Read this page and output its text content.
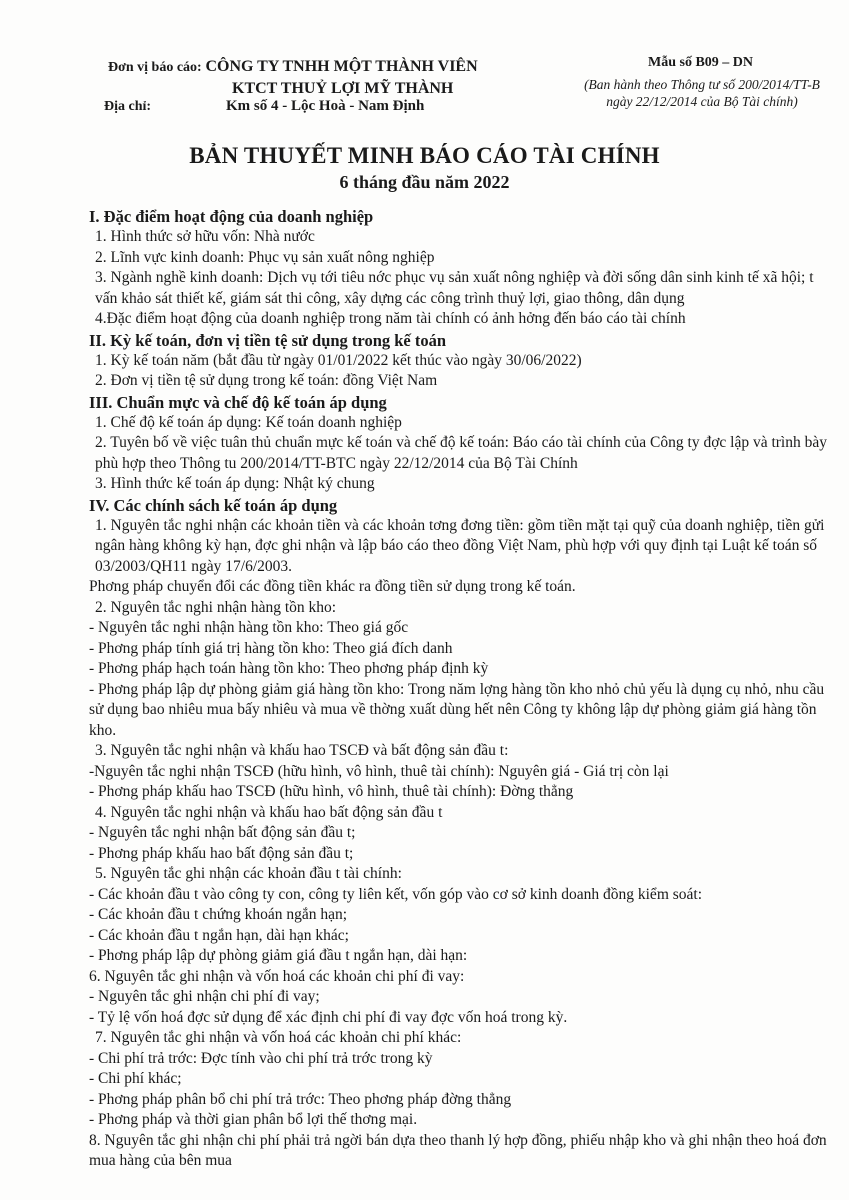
Đơn vị báo cáo: CÔNG TY TNHH MỘT THÀNH VIÊN
KTCT THUỶ LỢI MỸ THÀNH
Địa chỉ:	Km số 4 - Lộc Hoà - Nam Định
Mẫu số B09 – DN
(Ban hành theo Thông tư số 200/2014/TT-B
ngày 22/12/2014 của Bộ Tài chính)
BẢN THUYẾT MINH BÁO CÁO TÀI CHÍNH
6 tháng đầu năm 2022
I. Đặc điểm hoạt động của doanh nghiệp
1. Hình thức sở hữu vốn: Nhà nước
2. Lĩnh vực kinh doanh: Phục vụ sản xuất nông nghiệp

3. Ngành nghề kinh doanh: Dịch vụ tới tiêu nớc phục vụ sản xuất nông nghiệp và đời sống dân sinh kinh tế xã hội; t vấn khảo sát thiết kế, giám sát thi công, xây dựng các công trình thuỷ lợi, giao thông, dân dụng

4.Đặc điểm hoạt động của doanh nghiệp trong năm tài chính có ảnh hởng đến báo cáo tài chính
II. Kỳ kế toán, đơn vị tiền tệ sử dụng trong kế toán
1. Kỳ kế toán năm (bắt đầu từ ngày 01/01/2022 kết thúc vào ngày 30/06/2022)
2. Đơn vị tiền tệ sử dụng trong kế toán: đồng Việt Nam
III. Chuẩn mực và chế độ kế toán áp dụng
1. Chế độ kế toán áp dụng: Kế toán doanh nghiệp

2. Tuyên bố về việc tuân thủ chuẩn mực kế toán và chế độ kế toán: Báo cáo tài chính của Công ty đợc lập và trình bày phù hợp theo Thông tu 200/2014/TT-BTC ngày 22/12/2014 của Bộ Tài Chính

3. Hình thức kế toán áp dụng: Nhật ký chung
IV. Các chính sách kế toán áp dụng

1. Nguyên tắc nghi nhận các khoản tiền và các khoản tơng đơng tiền: gồm tiền mặt tại quỹ của doanh nghiệp, tiền gửi ngân hàng không kỳ hạn, đợc ghi nhận và lập báo cáo theo đồng Việt Nam, phù hợp với quy định tại Luật kế toán số 03/2003/QH11 ngày 17/6/2003.

Phơng pháp chuyển đổi các đồng tiền khác ra đồng tiền sử dụng trong kế toán.
2. Nguyên tắc nghi nhận hàng tồn kho:
- Nguyên tắc nghi nhận hàng tồn kho: Theo giá gốc
- Phơng pháp tính giá trị hàng tồn kho: Theo giá đích danh
- Phơng pháp hạch toán hàng tồn kho: Theo phơng pháp định kỳ

- Phơng pháp lập dự phòng giảm giá hàng tồn kho: Trong năm lợng hàng tồn kho nhỏ chủ yếu là dụng cụ nhỏ, nhu cầu sử dụng bao nhiêu mua bấy nhiêu và mua về thờng xuất dùng hết nên Công ty không lập dự phòng giảm giá hàng tồn kho.

3. Nguyên tắc nghi nhận và khấu hao TSCĐ và bất động sản đầu t:
-Nguyên tắc nghi nhận TSCĐ (hữu hình, vô hình, thuê tài chính): Nguyên giá - Giá trị còn lại
- Phơng pháp khấu hao TSCĐ (hữu hình, vô hình, thuê tài chính): Đờng thẳng
4. Nguyên tắc nghi nhận và khấu hao bất động sản đầu t
- Nguyên tắc nghi nhận bất động sản đầu t;
- Phơng pháp khấu hao bất động sản đầu t;
5. Nguyên tắc ghi nhận các khoản đầu t tài chính:
- Các khoản đầu t vào công ty con, công ty liên kết, vốn góp vào cơ sở kinh doanh đồng kiểm soát:
- Các khoản đầu t chứng khoán ngắn hạn;
- Các khoản đầu t ngắn hạn, dài hạn khác;
- Phơng pháp lập dự phòng giảm giá đầu t ngắn hạn, dài hạn:
6. Nguyên tắc ghi nhận và vốn hoá các khoản chi phí đi vay:
- Nguyên tắc ghi nhận chi phí đi vay;
- Tỷ lệ vốn hoá đợc sử dụng để xác định chi phí đi vay đợc vốn hoá trong kỳ.
7. Nguyên tắc ghi nhận và vốn hoá các khoản chi phí khác:
- Chi phí trả trớc: Đợc tính vào chi phí trả trớc trong kỳ
- Chi phí khác;
- Phơng pháp phân bổ chi phí trả trớc: Theo phơng pháp đờng thẳng
- Phơng pháp và thời gian phân bổ lợi thế thơng mại.

8. Nguyên tắc ghi nhận chi phí phải trả ngời bán dựa theo thanh lý hợp đồng, phiếu nhập kho và ghi nhận theo hoá đơn mua hàng của bên mua
